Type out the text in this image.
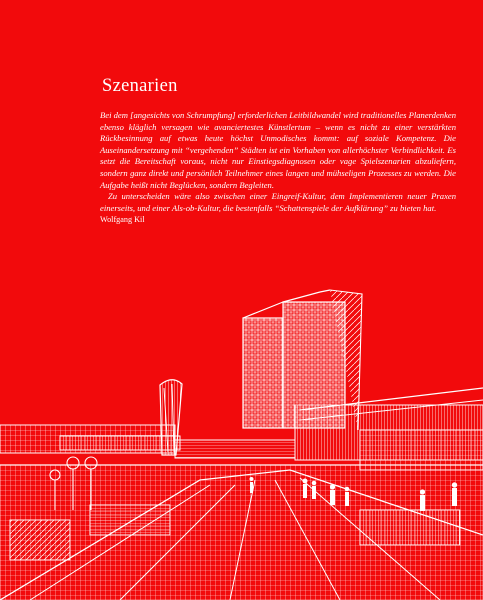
Szenarien

Bei dem [angesichts von Schrumpfung] erforderlichen Leitbildwandel wird traditionelles Planerdenken ebenso kläglich versagen wie avanciertestes Künstlertum – wenn es nicht zu einer verstärkten Rückbesinnung auf etwas heute höchst Unmodisches kommt: auf soziale Kompetenz. Die Auseinandersetzung mit “vergehenden” Städten ist ein Vorhaben von allerhöchster Verbindlichkeit. Es setzt die Bereitschaft voraus, nicht nur Einstiegsdiagnosen oder vage Spielszenarien abzuliefern, sondern ganz direkt und persönlich Teilnehmer eines langen und mühseligen Prozesses zu werden. Die Aufgabe heißt nicht Beglücken, sondern Begleiten.

Zu unterscheiden wäre also zwischen einer Eingreif-Kultur, dem Implementieren neuer Praxen einerseits, und einer Als-ob-Kultur, die bestenfalls “Schattenspiele der Aufklärung” zu bieten hat.

Wolfgang Kil
